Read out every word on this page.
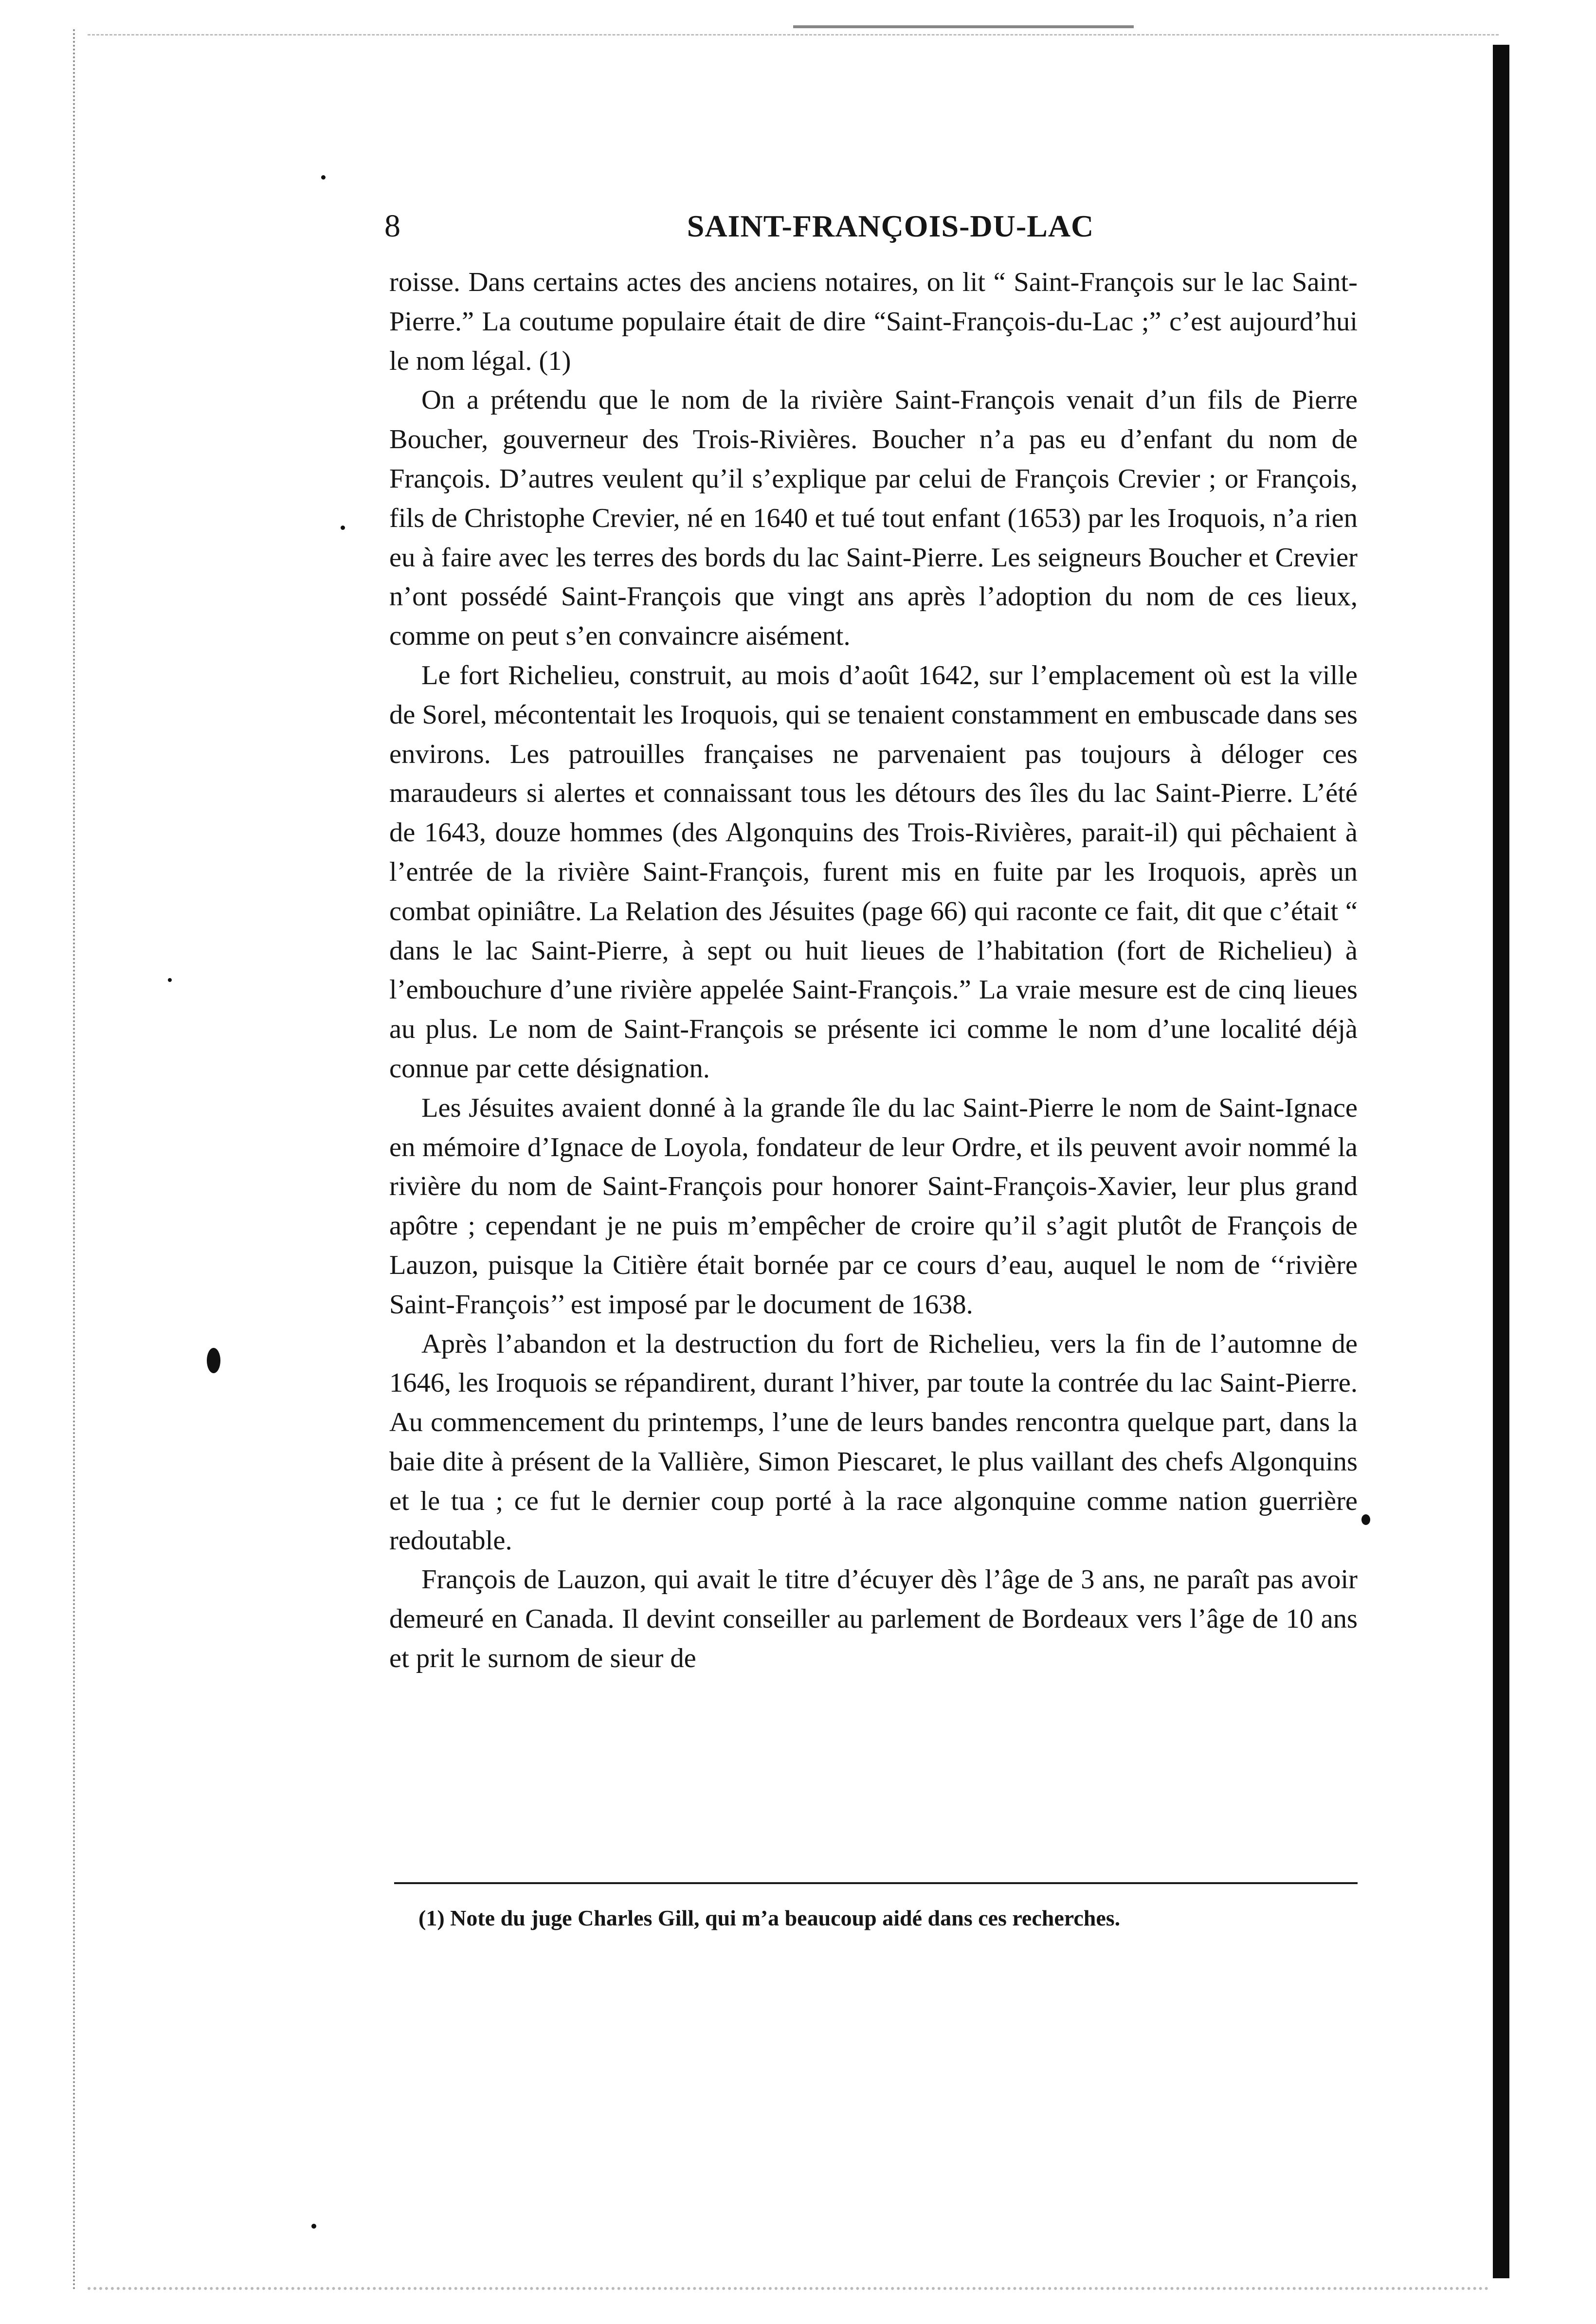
8	SAINT-FRANÇOIS-DU-LAC

roisse. Dans certains actes des anciens notaires, on lit “ Saint-François sur le lac Saint-Pierre.” La coutume populaire était de dire “Saint-François-du-Lac ;” c’est aujourd’hui le nom légal. (1)

On a prétendu que le nom de la rivière Saint-François venait d’un fils de Pierre Boucher, gouverneur des Trois-Rivières. Boucher n’a pas eu d’enfant du nom de François. D’autres veulent qu’il s’explique par celui de François Crevier ; or François, fils de Christophe Crevier, né en 1640 et tué tout enfant (1653) par les Iroquois, n’a rien eu à faire avec les terres des bords du lac Saint-Pierre. Les seigneurs Boucher et Crevier n’ont possédé Saint-François que vingt ans après l’adoption du nom de ces lieux, comme on peut s’en convaincre aisément.

Le fort Richelieu, construit, au mois d’août 1642, sur l’emplacement où est la ville de Sorel, mécontentait les Iroquois, qui se tenaient constamment en embuscade dans ses environs. Les patrouilles françaises ne parvenaient pas toujours à déloger ces maraudeurs si alertes et connaissant tous les détours des îles du lac Saint-Pierre. L’été de 1643, douze hommes (des Algonquins des Trois-Rivières, parait-il) qui pêchaient à l’entrée de la rivière Saint-François, furent mis en fuite par les Iroquois, après un combat opiniâtre. La Relation des Jésuites (page 66) qui raconte ce fait, dit que c’était “ dans le lac Saint-Pierre, à sept ou huit lieues de l’habitation (fort de Richelieu) à l’embouchure d’une rivière appelée Saint-François.” La vraie mesure est de cinq lieues au plus. Le nom de Saint-François se présente ici comme le nom d’une localité déjà connue par cette désignation.

Les Jésuites avaient donné à la grande île du lac Saint-Pierre le nom de Saint-Ignace en mémoire d’Ignace de Loyola, fondateur de leur Ordre, et ils peuvent avoir nommé la rivière du nom de Saint-François pour honorer Saint-François-Xavier, leur plus grand apôtre ; cependant je ne puis m’empêcher de croire qu’il s’agit plutôt de François de Lauzon, puisque la Citière était bornée par ce cours d’eau, auquel le nom de ‘‘rivière Saint-François’’ est imposé par le document de 1638.

Après l’abandon et la destruction du fort de Richelieu, vers la fin de l’automne de 1646, les Iroquois se répandirent, durant l’hiver, par toute la contrée du lac Saint-Pierre. Au commencement du printemps, l’une de leurs bandes rencontra quelque part, dans la baie dite à présent de la Vallière, Simon Piescaret, le plus vaillant des chefs Algonquins et le tua ; ce fut le dernier coup porté à la race algonquine comme nation guerrière redoutable.

François de Lauzon, qui avait le titre d’écuyer dès l’âge de 3 ans, ne paraît pas avoir demeuré en Canada. Il devint conseiller au parlement de Bordeaux vers l’âge de 10 ans et prit le surnom de sieur de

(1) Note du juge Charles Gill, qui m’a beaucoup aidé dans ces recherches.
